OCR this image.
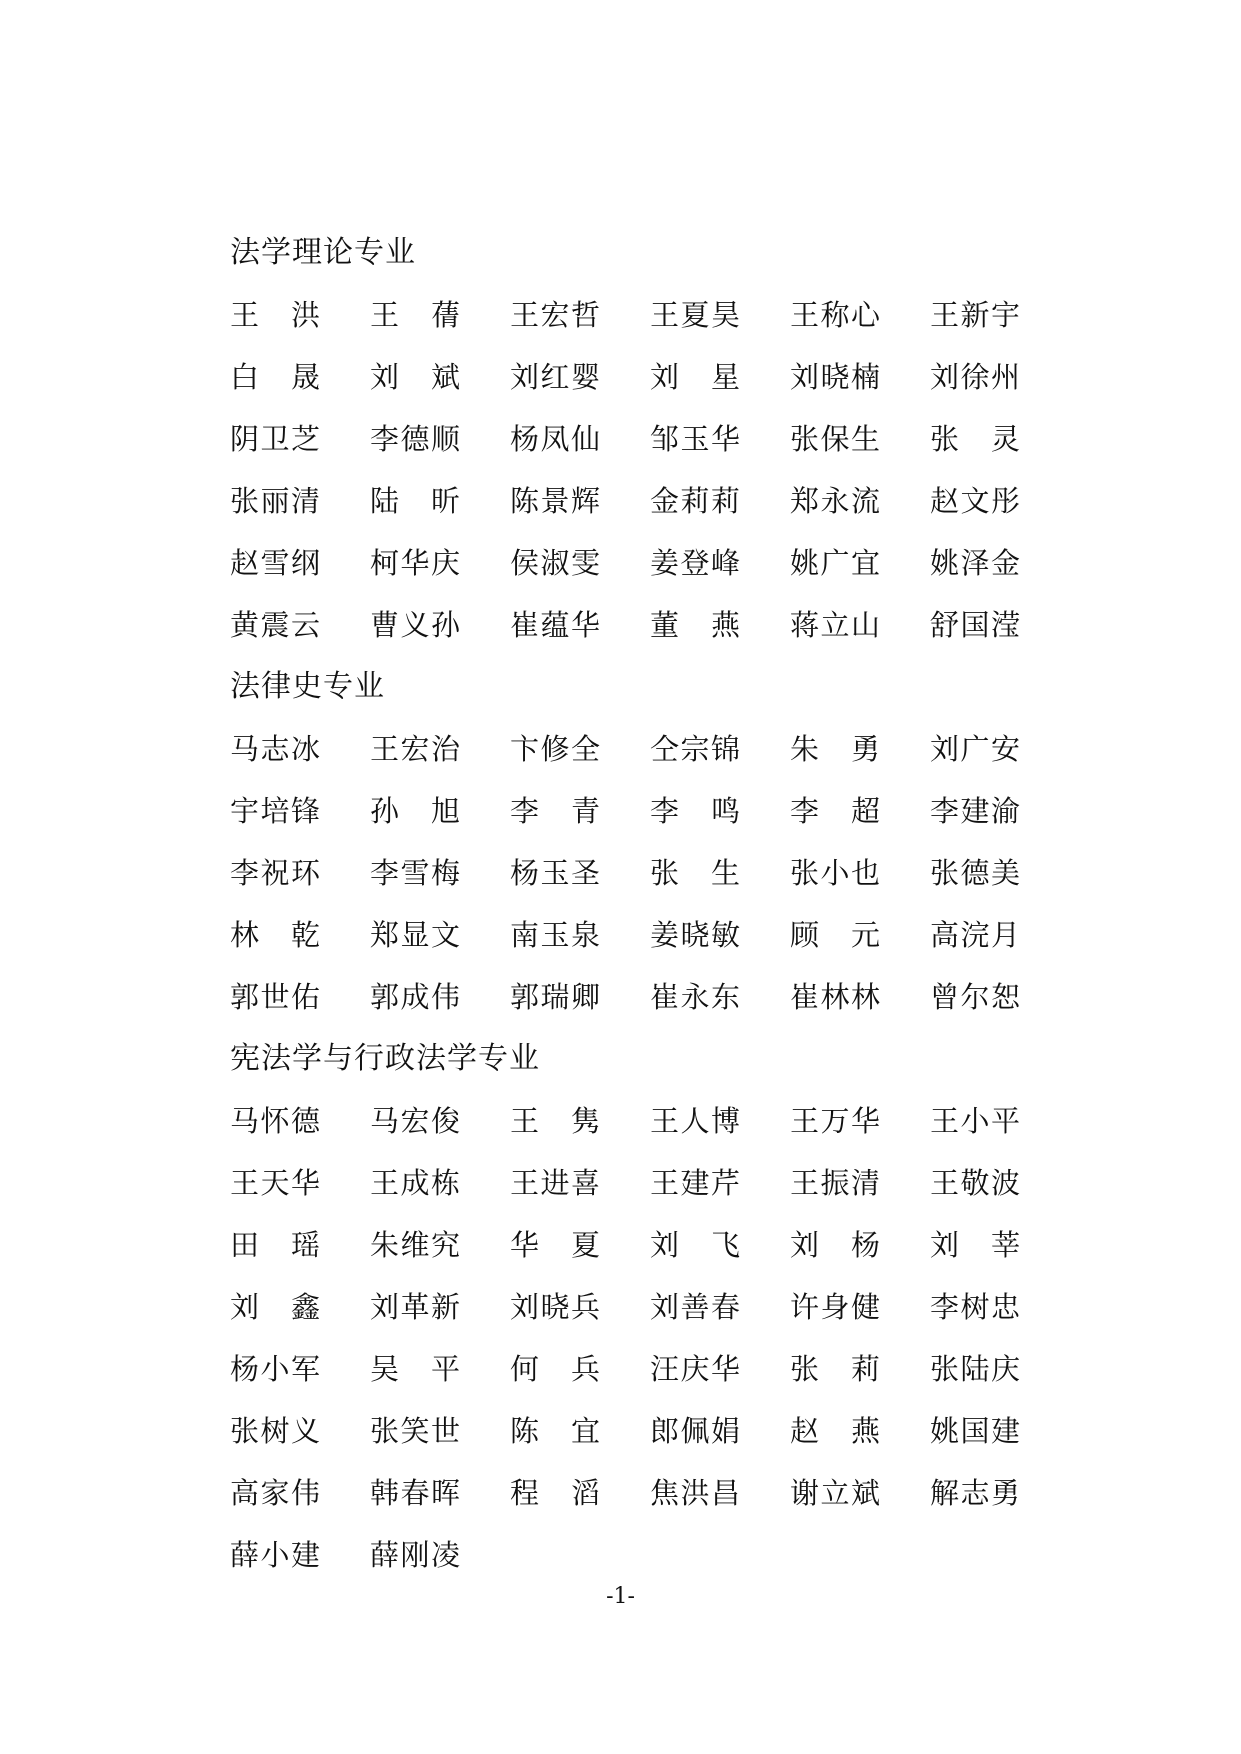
法学理论专业
王 洪 王 蒨 王 宏 哲 王 夏 昊 王 称 心 王 新 宇
白 晟 刘 斌 刘 红 婴 刘 星 刘 晓 楠 刘 徐 州
阴 卫 芝 李 德 顺 杨 凤 仙 邹 玉 华 张 保 生 张 灵
张 丽 清 陆 昕 陈 景 辉 金 莉 莉 郑 永 流 赵 文 彤
赵 雪 纲 柯 华 庆 侯 淑 雯 姜 登 峰 姚 广 宜 姚 泽 金
黄 震 云 曹 义 孙 崔 蕴 华 董 燕 蒋 立 山 舒 国 滢
法律史专业
马 志 冰 王 宏 治 卞 修 全 仝 宗 锦 朱 勇 刘 广 安
宇 培 锋 孙 旭 李 青 李 鸣 李 超 李 建 渝
李 祝 环 李 雪 梅 杨 玉 圣 张 生 张 小 也 张 德 美
林 乾 郑 显 文 南 玉 泉 姜 晓 敏 顾 元 高 浣 月
郭 世 佑 郭 成 伟 郭 瑞 卿 崔 永 东 崔 林 林 曾 尔 恕
宪法学与行政法学专业
马 怀 德 马 宏 俊 王 隽 王 人 博 王 万 华 王 小 平
王 天 华 王 成 栋 王 进 喜 王 建 芹 王 振 清 王 敬 波
田 瑶 朱 维 究 华 夏 刘 飞 刘 杨 刘 莘
刘 鑫 刘 革 新 刘 晓 兵 刘 善 春 许 身 健 李 树 忠
杨 小 军 吴 平 何 兵 汪 庆 华 张 莉 张 陆 庆
张 树 义 张 笑 世 陈 宜 郎 佩 娟 赵 燕 姚 国 建
高 家 伟 韩 春 晖 程 滔 焦 洪 昌 谢 立 斌 解 志 勇
薛 小 建 薛 刚 凌
-1-
